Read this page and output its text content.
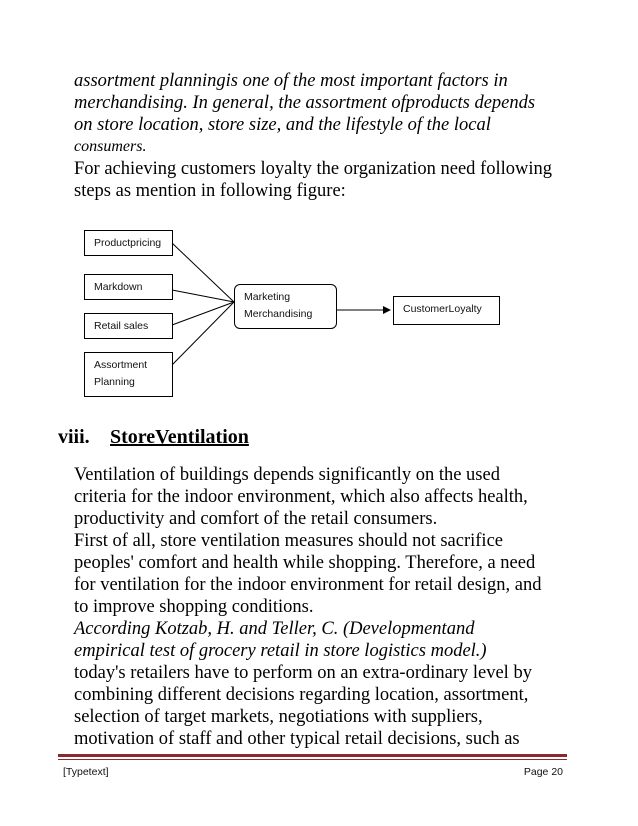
assortment planningis one of the most important factors in
merchandising. In general, the assortment ofproducts depends
on store location, store size, and the lifestyle of the local
consumers.
For achieving customers loyalty the organization need following
steps as mention in following figure:
Productpricing
Markdown
Retail sales
Assortment Planning
Marketing Merchandising	CustomerLoyalty
viii. StoreVentilation
Ventilation of buildings depends significantly on the used
criteria for the indoor environment, which also affects health,
productivity and comfort of the retail consumers.
First of all, store ventilation measures should not sacrifice
peoples' comfort and health while shopping. Therefore, a need
for ventilation for the indoor environment for retail design, and
to improve shopping conditions.
According Kotzab, H. and Teller, C. (Developmentand
empirical test of grocery retail in store logistics model.)
today's retailers have to perform on an extra-ordinary level by
combining different decisions regarding location, assortment,
selection of target markets, negotiations with suppliers,
motivation of staff and other typical retail decisions, such as
[Typetext]	Page 20
